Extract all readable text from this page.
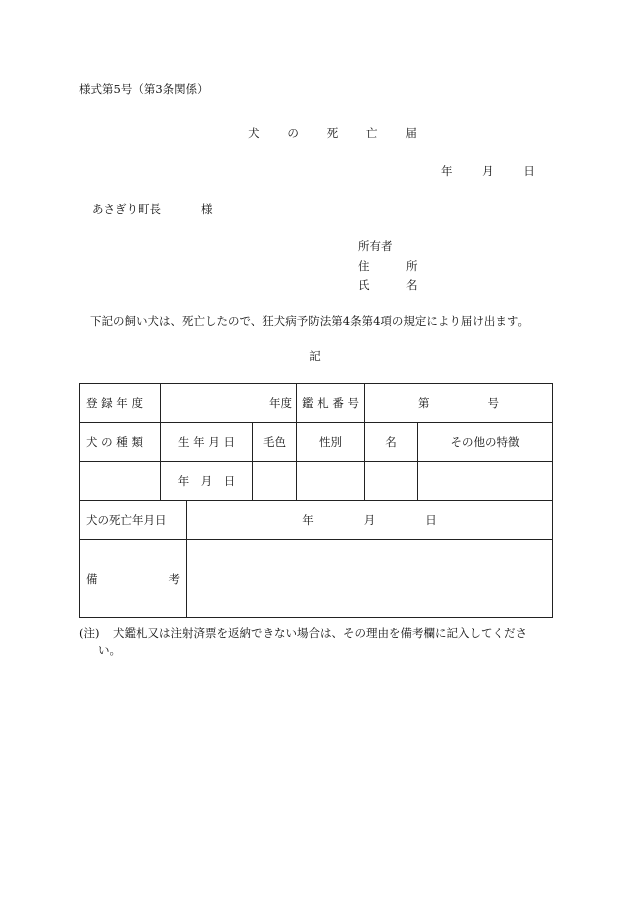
様式第5号（第3条関係）
犬 の 死 亡 届
年	月	日
あさぎり町長	様
所有者
住	所
氏	名
下記の飼い犬は、死亡したので、狂犬病予防法第4条第4項の規定により届け出ます。
記
登 録 年 度	年度			鑑 札 番 号	第 号	
犬 の 種 類	生 年 月 日		毛色	性別	名	その他の特徴
	年　月　日					
犬の死亡年月日		年 月 日				

備 考						

(注) 犬鑑札又は注射済票を返納できない場合は、その理由を備考欄に記入してくださ
い。
